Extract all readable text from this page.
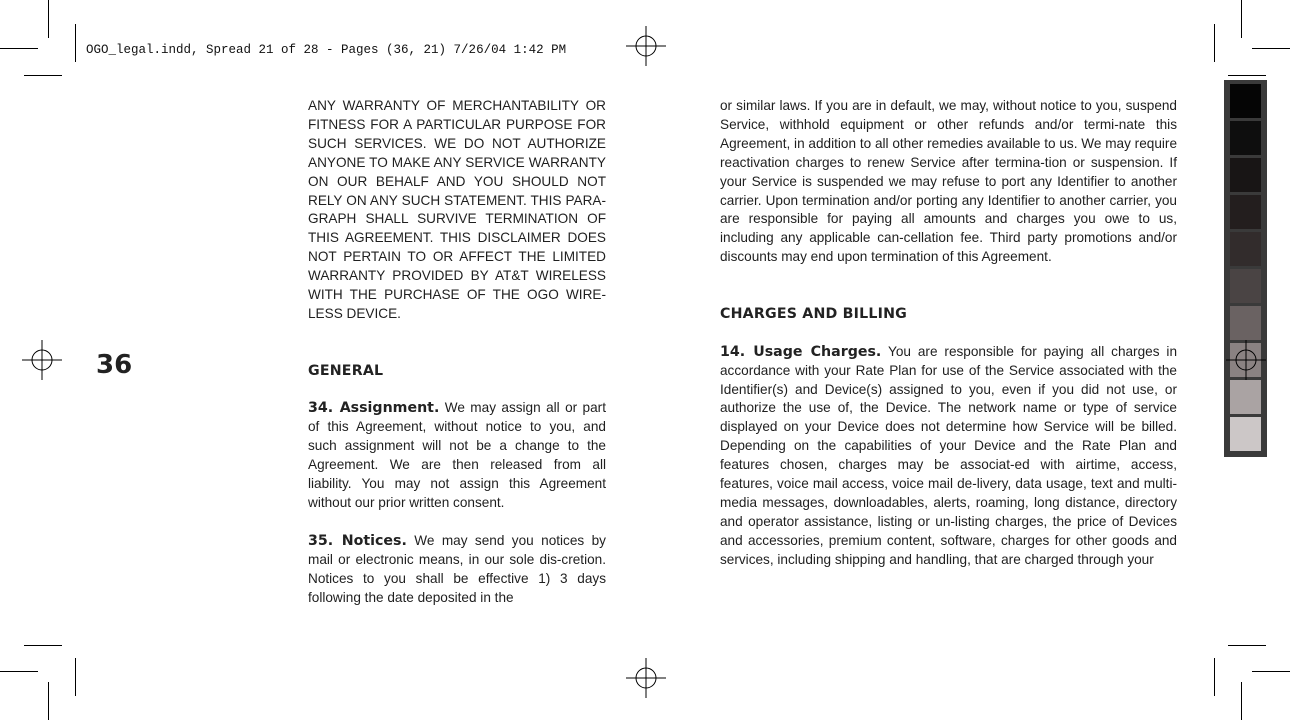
OGO_legal.indd, Spread 21 of 28 - Pages (36, 21) 7/26/04 1:42 PM
36

ANY WARRANTY OF MERCHANTABILITY OR FITNESS FOR A PARTICULAR PURPOSE FOR SUCH SERVICES. WE DO NOT AUTHORIZE ANYONE TO MAKE ANY SERVICE WARRANTY ON OUR BEHALF AND YOU SHOULD NOT RELY ON ANY SUCH STATEMENT. THIS PARA-GRAPH SHALL SURVIVE TERMINATION OF THIS AGREEMENT. THIS DISCLAIMER DOES NOT PERTAIN TO OR AFFECT THE LIMITED WARRANTY PROVIDED BY AT&T WIRELESS WITH THE PURCHASE OF THE OGO WIRE-LESS DEVICE.

GENERAL

34. Assignment. We may assign all or part of this Agreement, without notice to you, and such assignment will not be a change to the Agreement. We are then released from all liability. You may not assign this Agreement without our prior written consent.

35. Notices. We may send you notices by mail or electronic means, in our sole dis-cretion. Notices to you shall be effective 1) 3 days following the date deposited in the

or similar laws. If you are in default, we may, without notice to you, suspend Service, withhold equipment or other refunds and/or termi-nate this Agreement, in addition to all other remedies available to us. We may require reactivation charges to renew Service after termina-tion or suspension. If your Service is suspended we may refuse to port any Identifier to another carrier. Upon termination and/or porting any Identifier to another carrier, you are responsible for paying all amounts and charges you owe to us, including any applicable can-cellation fee. Third party promotions and/or discounts may end upon termination of this Agreement.

CHARGES AND BILLING

14. Usage Charges. You are responsible for paying all charges in accordance with your Rate Plan for use of the Service associated with the Identifier(s) and Device(s) assigned to you, even if you did not use, or authorize the use of, the Device. The network name or type of service displayed on your Device does not determine how Service will be billed. Depending on the capabilities of your Device and the Rate Plan and features chosen, charges may be associat-ed with airtime, access, features, voice mail access, voice mail de-livery, data usage, text and multi-media messages, downloadables, alerts, roaming, long distance, directory and operator assistance, listing or un-listing charges, the price of Devices and accessories, premium content, software, charges for other goods and services, including shipping and handling, that are charged through your
